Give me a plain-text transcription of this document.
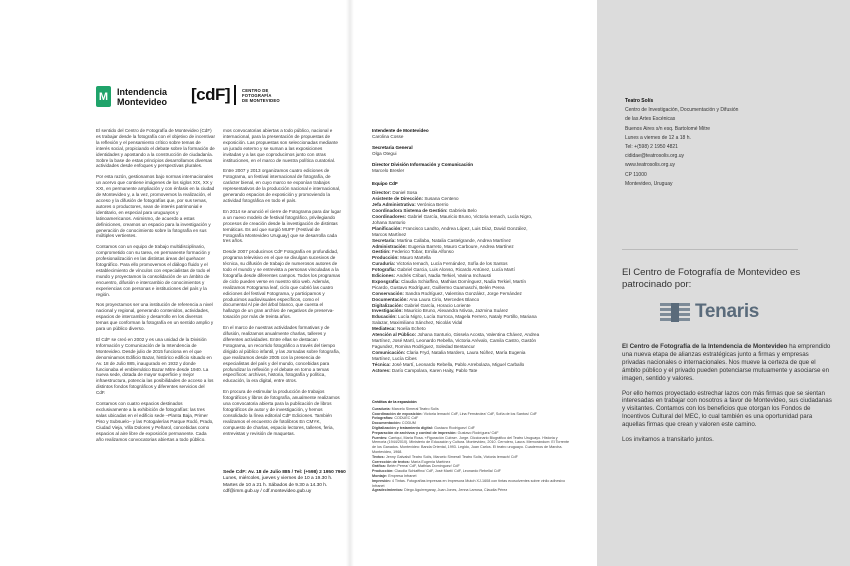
M Intendencia
Montevideo [cdF]	CENTRO DE
FOTOGRAFÍA
DE MONTEVIDEO

El sentido del Centro de Fotografía de Montevideo (CdF) es trabajar desde la fotografía con el objetivo de incentivar la reflexión y el pensamiento crítico sobre temas de interés social, propiciando el debate sobre la formación de identidades y apostando a la construcción de ciudadanía. Sobre la base de estas principios desarrollamos diversas actividades desde enfoques y perspectivas plurales.

Por esta razón, gestionamos bajo normas internacionales un acervo que contiene imágenes de los siglos XIX, XX y XXI, en permanente ampliación y con énfasis en la ciudad de Montevideo y, a la vez, promovemos la realización, el acceso y la difusión de fotografías que, por sus temas, autores o productores, sean de interés patrimonial e identitario, en especial para uruguayos y latinoamericanos. Asimismo, de acuerdo a estas definiciones, creamos un espacio para la investigación y generación de conocimiento sobre la fotografía en sus múltiples vertientes.

Contamos con un equipo de trabajo multidisciplinario, comprometido con su tarea, en permanente formación y profesionalización en las distintas áreas del quehacer fotográfico. Para ello promovemos el diálogo fluido y el establecimiento de vínculos con especialistas de todo el mundo y proyectamos la consolidación de un ámbito de encuentro, difusión e intercambio de conocimientos y experiencias con personas e instituciones del país y la región.

Nos proyectamos ser una institución de referencia a nivel nacional y regional, generando contenidos, actividades, espacios de intercambio y desarrollo en los diversos temas que conforman la fotografía en un sentido amplio y para un público diverso.

El CdF se creó en 2002 y es una unidad de la División Información y Comunicación de la Intendencia de Montevideo. Desde julio de 2015 funciona en el que denominamos Edificio Bazar, histórico edificio situado en Av. 18 de Julio 885, inaugurado en 1932 y donde funcionaba el emblemático Bazar Mitre desde 1940. La nueva sede, dotada de mayor superficie y mejor infraestructura, potencia las posibilidades de acceso a los distintos fondos fotográficos y diferentes servicios del CdF.

Contamos con cuatro espacios destinados exclusivamente a la exhibición de fotografías: las tres salas ubicadas en el edificio sede –Planta Baja, Primer Piso y Subsuelo– y las Fotogalerías Parque Rodó, Prado, Ciudad Vieja, Villa Dolores y Peñarol, concebidas como espacios al aire libre de exposición permanente. Cada año realizamos convocatorias abiertas a todo público.

mos convocatorias abiertas a todo público, nacional e internacional, para la presentación de propuestas de exposición. Las propuestas son seleccionadas mediante un jurado externo y se suman a las exposiciones invitadas y a las que coproducimos junto con otras instituciones, en el marco de nuestra política curatorial.

Entre 2007 y 2013 organizamos cuatro ediciones de Fotograma, un festival internacional de fotografía, de carácter bienal, en cuyo marco se exponían trabajos representativos de la producción nacional e internacional, generando espacios de exposición y promoviendo la actividad fotográfica en todo el país.

En 2014 se anunció el cierre de Fotograma para dar lugar a un nuevo modelo de festival fotográfico, privilegiando procesos de creación desde la investigación de distintas temáticas. Es así que surgió MUFF (Festival de Fotografía Montevideo Uruguay) que se desarrolla cada tres años.

Desde 2007 producimos CdF Fotografía en profundidad, programa televisivo en el que se divulgan sucesivos de técnica, su difusión de trabajo de numerosos autores de todo el mundo y se entrevista a personas vinculadas a la fotografía desde diferentes campos. Todos los programas de ciclo pueden verse en nuestro sitio web. Además, realizamos Fotograma leaf, ciclo que cubrió las cuatro ediciones del festival Fotograma, y participamos y producimos audiovisuales específicos, como el documental Al pie del árbol blanco, que cuenta el hallazgo de un gran archivo de negativos de preserva-tosación por más de treinta años.

En el marco de nuestras actividades formativas y de difusión, realizamos anualmente charlas, talleres y diferentes actividades. Entre ellas se destacan Fotograma, un recorrido fotográfico a través del tiempo dirigido al público infantil, y las Jornadas sobre fotografía, que realizamos desde 2005 con la presencia de especialistas del país y del mundo, concebidas para profundizar la reflexión y el debate en torno a temas específicos: archivos, historia, fotografía y política, educación, la era digital, entre otros.

En procura de estimular la producción de trabajos fotográficos y libros de fotografía, anualmente realizamos una convocatoria abierta para la publicación de libros fotográficos de autor y de investigación, y hemos consolidado la línea editorial CdF Ediciones. También realizamos el encuentro de fotolibros En CMYK, compuesto de charlas, espacio lectores, talleres, feria, entrevistas y revisión de maquetas.

Sede CdF: Av. 18 de Julio 885 / Tel: (+598) 2 1950 7960
Lunes, miércoles, jueves y viernes de 10 a 19.30 h.
Martes de 10 a 21 h. Sábados de 9.30 a 14.30 h.
cdf@imm.gub.uy / cdf.montevideo.gub.uy
Intendente de Montevideo
Carolina Cosse
Secretaria General
Olga Otegui
Director División Información y Comunicación
Marcelo Bresler
Equipo CdF
Director: Daniel Sosa
Asistente de Dirección: Susana Centeno
Jefa Administrativa: Verónica Berrio
Coordinadora Sistema de Gestión: Gabriela Belo
Coordinadores: Gabriel García, Mauricio Bruno, Victoria Iemach, Lucía Nigro, Johana Santurio
Planificación: Francisco Landro, Andrea López, Luis Díaz, David González, Marcos Martínez
Secretaría: Martina Callaba, Natalia Castelgrande, Andrea Martínez
Administración: Eugenia Barreto, Mauro Carboure, Andrea Martínez
Gestión: Federico Tobar, Emilia Alfonso
Producción: Mauro Martella
Curaduría: Victoria Iemach, Lucía Fernández, Sofía de los Santos
Fotografía: Gabriel Garcia, Luis Alonso, Ricardo Antúnez, Lucía Martí
Ediciones: Andrés Cribari, Nadia Terkiel, Vanina Inchausti
Exposgrafía: Claudia Schiaffino, Mathias Domínguez, Nadia Terkiel, Martín Picardo, Gustavo Rodríguez, Guillermo Guarnaschi, Belén Perea
Conservación: Sandra Rodríguez, Valentina González, Jorge Fernández
Documentación: Ana Laura Cirio, Mercedes Blanco
Digitalización: Gabriel García, Horacio Loriente
Investigación: Mauricio Bruno, Alexandra Nóvoa, Jazmina Suárez
Educación: Lucía Nigro, Lucía Surroca, Magela Ferrero, Nataly Portillo, Mariana Salazar, Maximiliano Sánchez, Nicolás Vidal
Mediateca: Noelia Echeto
Atención al Público: Johana Santurio, Gissela Acosta, Valentina Chávez, Andrea Martínez, José Martí, Leonardo Rebella, Victoria Arévalo, Camila Castro, Gastón Fagundez, Romina Rodríguez, Soledad Bentancur
Comunicación: Claria Fryd, Natalia Mardero, Laura Núñez, María Eugenia Martínez, Lucía Cibes
Técnica: José Martí, Leonardo Rebella, Pablo Arrebolaza, Miguel Carballo
Actores: Darío Campolara, Karen Haity, Pablo Tate
Créditos de la exposición
Curaduría: Marcelo Simeral Teatro Solís
Coordinación de exposición: Victoria Iemach/ CdF, Lina Fernández/ CdF, Sofía de los Santos/ CdF
Fotografías: CODUEC CdF
Documentación: CODUM
Digitalización y tratamiento digital: Gustavo Rodríguez/ CdF
Preparación de archivos y control de impresión: Gustavo Rodríguez/ CdF
Fuentes: Carriquí, María Rosa. «Figuración Cubra». Jorge. Diccionario Biográfico del Teatro Uruguayo. Historia y Memoria (1944/2010). Ministerio de Educación y Cultura. Montevideo, 2010. Cerrolero, Laura. Memorándum: El Torrente de los Ganados. Montevideo: Banda Oriental, 1993. Legido, Juan Carlos. El teatro uruguayo. Cuadernos de Marcha. Montevideo, 1968.
Textos: Jenny Galvalsi/ Teatro Solís, Marcelo Simeral/ Teatro Solís, Victoria Iemach/ CdF
Corrección de textos: María Eugenia Martínez
Gráfica: Belén Perea/ CdF, Mathias Domínguez/ CdF
Producción: Claudia Schiaffino/ CdF, José Martí/ CdF, Leonardo Rebella/ CdF
Montaje: Empresa Infranet
Impresión: 4 Tintas. Fotografías impresas en Impresora Mutoh XJ-1608 con tintas ecosolventes sobre vinilo adhesivo Infranet
Agradecimientos: Diego Aguirregaray, Juan Jones, Jenna Larrosa, Claudia Pérez
Teatro Solís
Centro de Investigación, Documentación y Difusión
de las Artes Escénicas
Buenos Aires s/n esq. Bartolomé Mitre
Lunes a viernes de 12 a 18 h.
Tel: +(598) 2 1950 4821
cididae@teatrosolis.org.uy
www.teatrosolis.org.uy
CP 11000
Montevideo, Uruguay
El Centro de Fotografía de Montevideo es patrocinado por:
Tenaris

El Centro de Fotografía de la Intendencia de Montevideo ha emprendido una nueva etapa de alianzas estratégicas junto a firmas y empresas privadas nacionales o internacionales. Nos mueve la certeza de que el ámbito público y el privado pueden potenciarse mutuamente y asociarse en imagen, sentido y valores.

Por ello hemos proyectado estrechar lazos con más firmas que se sientan interesadas en trabajar con nosotros a favor de Montevideo, sus ciudadanas y visitantes. Contamos con los beneficios que otorgan los Fondos de Incentivos Cultural del MEC, lo cual también es una oportunidad para aquellas firmas que crean y valoren este camino.

Los invitamos a transitarlo juntos.
